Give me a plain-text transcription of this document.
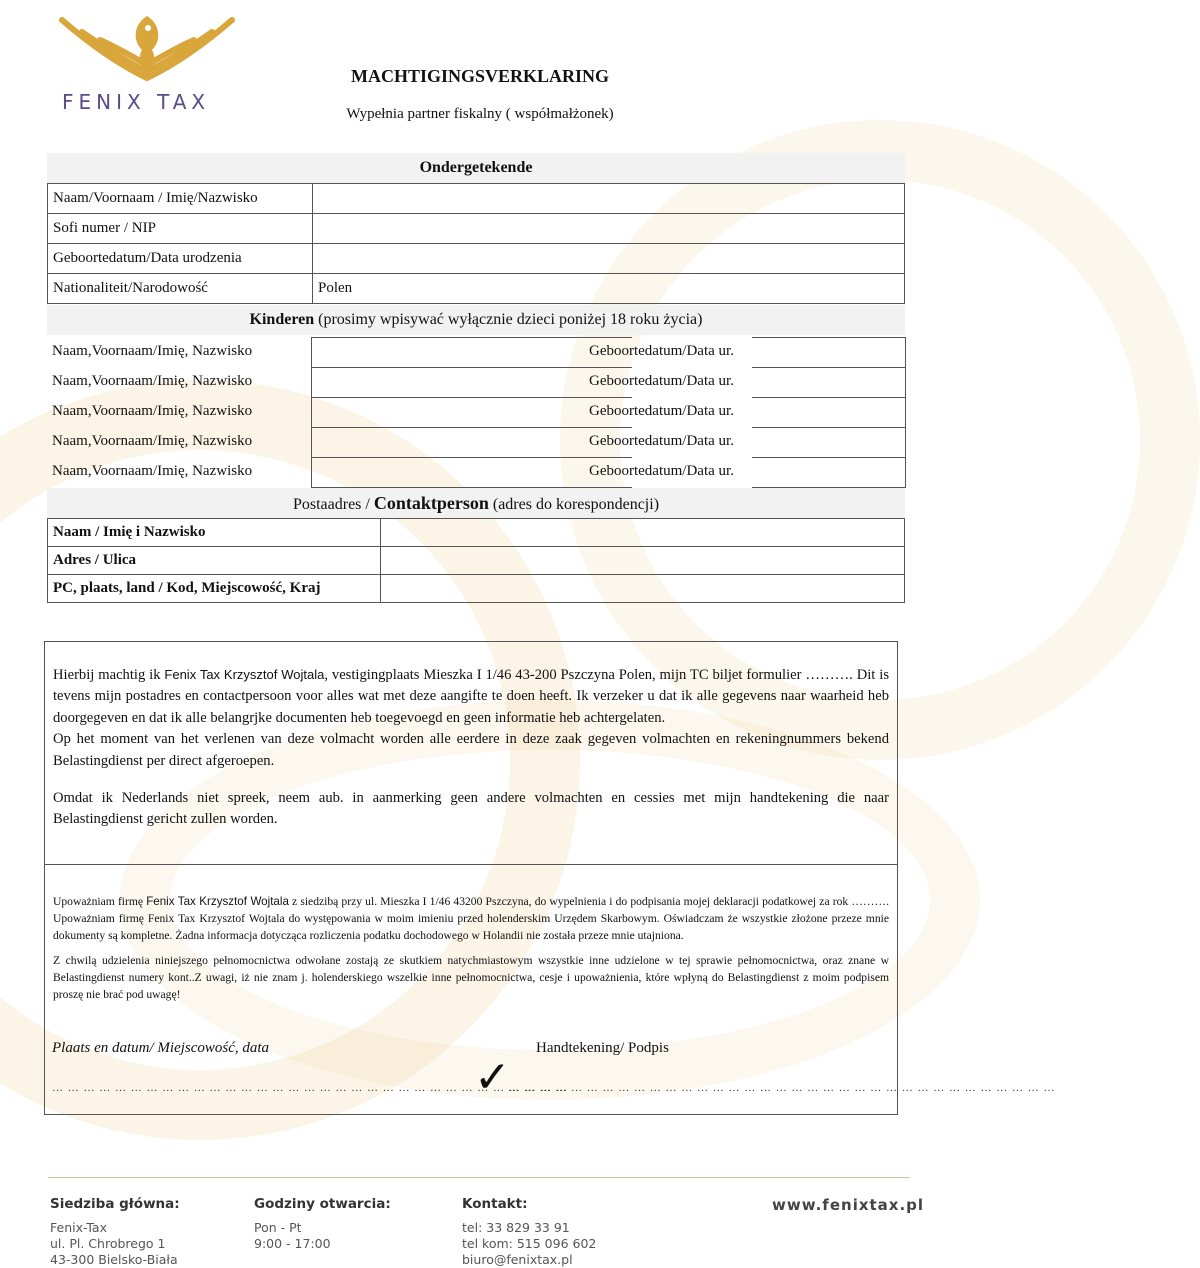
FENIX TAX
MACHTIGINGSVERKLARING
Wypełnia partner fiskalny ( współmałżonek)
Ondergetekende
Naam/Voornaam / Imię/Nazwisko	
Sofi numer / NIP	
Geboortedatum/Data urodzenia	
Nationaliteit/Narodowość	Polen
Kinderen (prosimy wpisywać wyłącznie dzieci poniżej 18 roku życia)
Naam,Voornaam/Imię, Nazwisko	Geboortedatum/Data ur.
Naam,Voornaam/Imię, Nazwisko	Geboortedatum/Data ur.
Naam,Voornaam/Imię, Nazwisko	Geboortedatum/Data ur.
Naam,Voornaam/Imię, Nazwisko	Geboortedatum/Data ur.
Naam,Voornaam/Imię, Nazwisko	Geboortedatum/Data ur.
Postaadres / Contaktperson (adres do korespondencji)
Naam / Imię i Nazwisko	
Adres / Ulica	
PC, plaats, land / Kod, Miejscowość, Kraj	

Hierbij machtig ik Fenix Tax Krzysztof Wojtala, vestigingplaats Mieszka I 1/46 43-200 Pszczyna Polen, mijn TC biljet formulier ………. Dit is tevens mijn postadres en contactpersoon voor alles wat met deze aangifte te doen heeft. Ik verzeker u dat ik alle gegevens naar waarheid heb doorgegeven en dat ik alle belangrjke documenten heb toegevoegd en geen informatie heb achtergelaten.

Op het moment van het verlenen van deze volmacht worden alle eerdere in deze zaak gegeven volmachten en rekeningnummers bekend Belastingdienst per direct afgeroepen.

Omdat ik Nederlands niet spreek, neem aub. in aanmerking geen andere volmachten en cessies met mijn handtekening die naar Belastingdienst gericht zullen worden.

Upoważniam firmę Fenix Tax Krzysztof Wojtala z siedzibą przy ul. Mieszka I 1/46 43200 Pszczyna, do wypelnienia i do podpisania mojej deklaracji podatkowej za rok ………. Upoważniam firmę Fenix Tax Krzysztof Wojtala do występowania w moim imieniu przed holenderskim Urzędem Skarbowym. Oświadczam że wszystkie złożone przeze mnie dokumenty są kompletne. Żadna informacja dotycząca rozliczenia podatku dochodowego w Holandii nie została przeze mnie utajniona.

Z chwilą udzielenia niniejszego pełnomocnictwa odwołane zostają ze skutkiem natychmiastowym wszystkie inne udzielone w tej sprawie pełnomocnictwa, oraz znane w Belastingdienst numery kont..Z uwagi, iż nie znam j. holenderskiego wszelkie inne pełnomocnictwa, cesje i upoważnienia, które wpłyną do Belastingdienst z moim podpisem proszę nie brać pod uwagę!

Plaats en datum/ Miejscowość, data	Handtekening/ Podpis
… … … … … … … … … … … … … … … … … … … … … … … … … … … … … … … … …
✓
… … … … … … … … … … … … … … … … … … … … … … … … … … … … … … … … … … …
Siedziba główna:
Fenix-Tax
ul. Pl. Chrobrego 1
43-300 Bielsko-Biała
Godziny otwarcia:
Pon - Pt
9:00 - 17:00
Kontakt:
tel: 33 829 33 91
tel kom: 515 096 602
biuro@fenixtax.pl
www.fenixtax.pl
